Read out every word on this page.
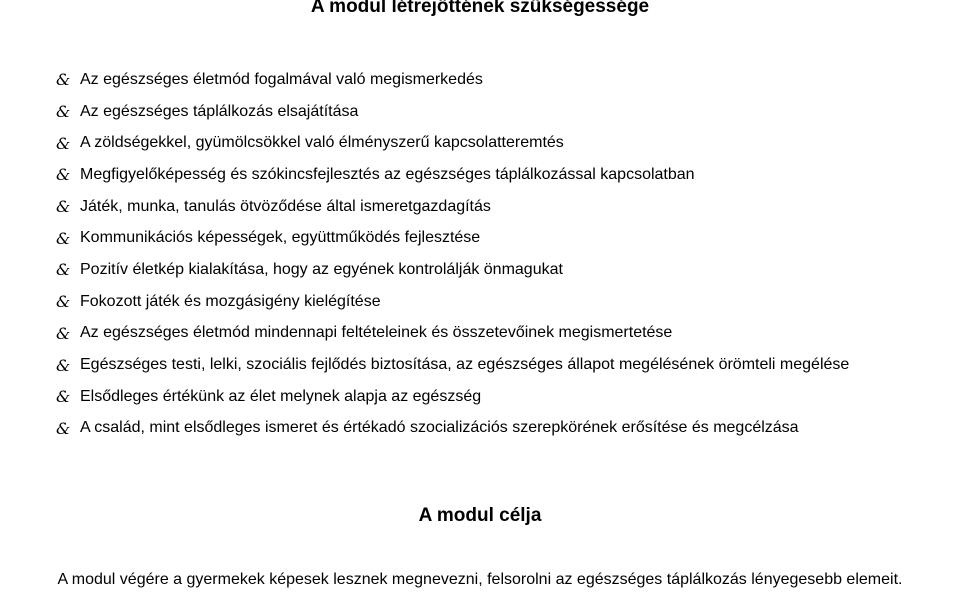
A modul létrejöttének szükségessége
& Az egészséges életmód fogalmával való megismerkedés
& Az egészséges táplálkozás elsajátítása
& A zöldségekkel, gyümölcsökkel való élményszerű kapcsolatteremtés
& Megfigyelőképesség és szókincsfejlesztés az egészséges táplálkozással kapcsolatban
& Játék, munka, tanulás ötvöződése által ismeretgazdagítás
& Kommunikációs képességek, együttműködés fejlesztése
& Pozitív életkép kialakítása, hogy az egyének kontrolálják önmagukat
& Fokozott játék és mozgásigény kielégítése
& Az egészséges életmód mindennapi feltételeinek és összetevőinek megismertetése
& Egészséges testi, lelki, szociális fejlődés biztosítása, az egészséges állapot megélésének örömteli megélése
& Elsődleges értékünk az élet melynek alapja az egészség
& A család, mint elsődleges ismeret és értékadó szocializációs szerepkörének erősítése és megcélzása
A modul célja

A modul végére a gyermekek képesek lesznek megnevezni, felsorolni az egészséges táplálkozás lényegesebb elemeit.
